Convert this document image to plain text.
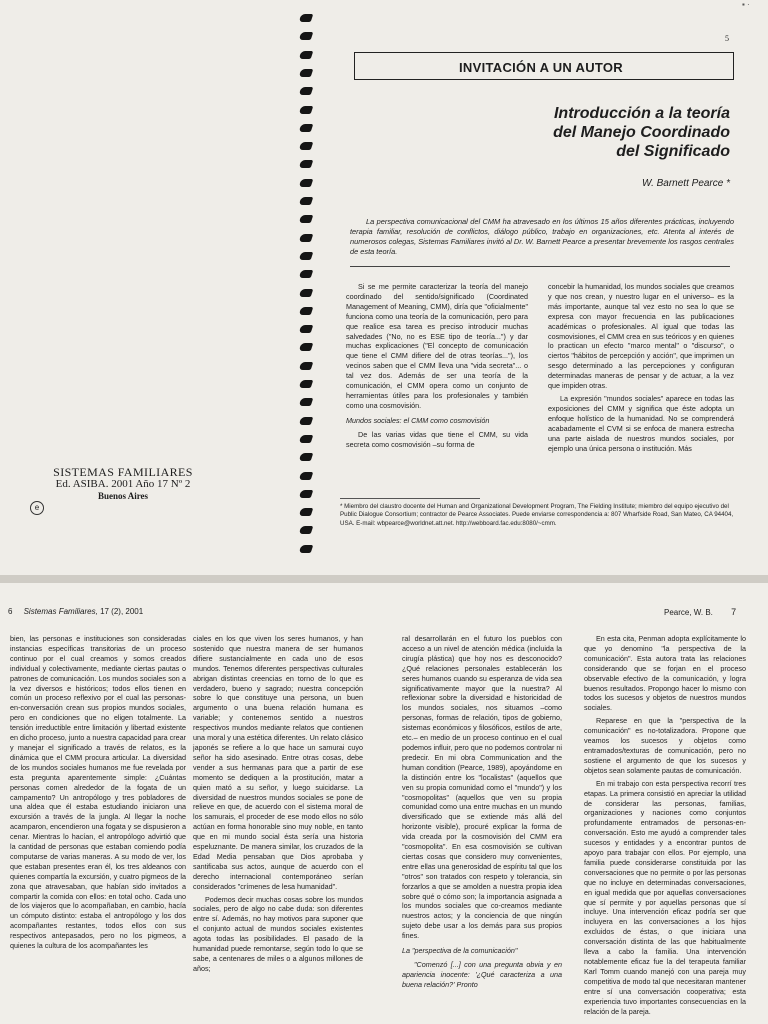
▪ ·
5
INVITACIÓN A UN AUTOR
Introducción a la teoría
del Manejo Coordinado
del Significado
W. Barnett Pearce *
La perspectiva comunicacional del CMM ha atravesado en los últimos 15 años diferentes prácticas, incluyendo terapia familiar, resolución de conflictos, diálogo público, trabajo en organizaciones, etc. Atenta al interés de numerosos colegas, Sistemas Familiares invitó al Dr. W. Barnett Pearce a presentar brevemente los rasgos centrales de esta teoría.

Si se me permite caracterizar la teoría del manejo coordinado del sentido/significado (Coordinated Management of Meaning, CMM), diría que "oficialmente" funciona como una teoría de la comunicación, pero para que realice esa tarea es preciso introducir muchas salvedades ("No, no es ESE tipo de teoría...") y dar muchas explicaciones ("El concepto de comunicación que tiene el CMM difiere del de otras teorías..."), los vecinos saben que el CMM lleva una "vida secreta"... o tal vez dos. Además de ser una teoría de la comunicación, el CMM opera como un conjunto de herramientas útiles para los profesionales y también como una cosmovisión.

Mundos sociales: el CMM como cosmovisión

De las varias vidas que tiene el CMM, su vida secreta como cosmovisión –su forma de

concebir la humanidad, los mundos sociales que creamos y que nos crean, y nuestro lugar en el universo– es la más importante, aunque tal vez esto no sea lo que se expresa con mayor frecuencia en las publicaciones académicas o profesionales. Al igual que todas las cosmovisiones, el CMM crea en sus teóricos y en quienes lo practican un efecto "marco mental" o "discurso", o ciertos "hábitos de percepción y acción", que imprimen un sesgo determinado a las percepciones y configuran determinadas maneras de pensar y de actuar, a la vez que impiden otras.

La expresión "mundos sociales" aparece en todas las exposiciones del CMM y significa que éste adopta un enfoque holístico de la humanidad. No se comprenderá acabadamente el CVM si se enfoca de manera estrecha una parte aislada de nuestros mundos sociales, por ejemplo una única persona o institución. Más

* Miembro del claustro docente del Human and Organizational Development Program, The Fielding Institute; miembro del equipo ejecutivo del Public Dialogue Consortium; contractor de Pearce Associates. Puede enviarse correspondencia a: 807 Wharfside Road, San Mateo, CA 94404, USA. E-mail: wbpearce@worldnet.att.net. http://webboard.fac.edu:8080/~cmm.
SISTEMAS FAMILIARES
Ed. ASIBA. 2001 Año 17 Nº 2
Buenos Aires
e
6 Sistemas Familiares, 17 (2), 2001	Pearce, W. B. 7

bien, las personas e instituciones son consideradas instancias específicas transitorias de un proceso continuo por el cual creamos y somos creados individual y colectivamente, mediante ciertas pautas o patrones de comunicación. Los mundos sociales son a la vez diversos e históricos; todos ellos tienen en común un proceso reflexivo por el cual las personas-en-conversación crean sus propios mundos sociales, pero en condiciones que no eligen totalmente. La tensión irreductible entre limitación y libertad existente en dicho proceso, junto a nuestra capacidad para crear y manejar el significado a través de relatos, es la dinámica que el CMM procura articular. La diversidad de los mundos sociales humanos me fue revelada por esta pregunta aparentemente simple: ¿Cuántas personas comen alrededor de la fogata de un campamento? Un antropólogo y tres pobladores de una aldea que él estaba estudiando iniciaron una excursión a través de la jungla. Al llegar la noche acamparon, encendieron una fogata y se dispusieron a cenar. Mientras lo hacían, el antropólogo advirtió que la cantidad de personas que estaban comiendo podía computarse de varias maneras. A su modo de ver, los que estaban presentes eran él, los tres aldeanos con quienes compartía la excursión, y cuatro pigmeos de la zona que atravesaban, que habían sido invitados a compartir la comida con ellos: en total ocho. Cada uno de los viajeros que lo acompañaban, en cambio, hacía un cómputo distinto: estaba el antropólogo y los dos acompañantes restantes, todos ellos con sus respectivos antepasados, pero no los pigmeos, a quienes la cultura de los acompañantes les

ciales en los que viven los seres humanos, y han sostenido que nuestra manera de ser humanos difiere sustancialmente en cada uno de esos mundos. Tenemos diferentes perspectivas culturales abrigan distintas creencias en torno de lo que es verdadero, bueno y sagrado; nuestra concepción sobre lo que constituye una persona, un buen argumento o una buena relación humana es variable; y contenemos sentido a nuestros respectivos mundos mediante relatos que contienen una moral y una estética diferentes. Un relato clásico japonés se refiere a lo que hace un samurai cuyo señor ha sido asesinado. Entre otras cosas, debe vender a sus hermanas para que a partir de ese momento se dediquen a la prostitución, matar a quien mató a su señor, y luego suicidarse. La diversidad de nuestros mundos sociales se pone de relieve en que, de acuerdo con el sistema moral de los samurais, el proceder de ese modo ellos no sólo actúan en forma honorable sino muy noble, en tanto que en mi mundo social ésta sería una historia espeluznante. De manera similar, los cruzados de la Edad Media pensaban que Dios aprobaba y santificaba sus actos, aunque de acuerdo con el derecho internacional contemporáneo serían considerados "crímenes de lesa humanidad".

Podemos decir muchas cosas sobre los mundos sociales, pero de algo no cabe duda: son diferentes entre sí. Además, no hay motivos para suponer que el conjunto actual de mundos sociales existentes agota todas las posibilidades. El pasado de la humanidad puede remontarse, según todo lo que se sabe, a centenares de miles o a algunos millones de años;

ral desarrollarán en el futuro los pueblos con acceso a un nivel de atención médica (incluida la cirugía plástica) que hoy nos es desconocido? ¿Qué relaciones personales establecerán los seres humanos cuando su esperanza de vida sea significativamente mayor que la nuestra? Al reflexionar sobre la diversidad e historicidad de los mundos sociales, nos situamos –como personas, formas de relación, tipos de gobierno, sistemas económicos y filosóficos, estilos de arte, etc.– en medio de un proceso continuo en el cual podemos influir, pero que no podemos controlar ni predecir. En mi obra Communication and the human condition (Pearce, 1989), apoyándome en la distinción entre los "localistas" (aquellos que ven su propia comunidad como el "mundo") y los "cosmopolitas" (aquellos que ven su propia comunidad como una entre muchas en un mundo diversificado que se extiende más allá del horizonte visible), procuré explicar la forma de vida creada por la cosmovisión del CMM era "cosmopolita". En esa cosmovisión se cultivan ciertas cosas que considero muy convenientes, entre ellas una generosidad de espíritu tal que los "otros" son tratados con respeto y tolerancia, sin forzarlos a que se amolden a nuestra propia idea sobre qué o cómo son; la importancia asignada a los mundos sociales que co-creamos mediante nuestros actos; y la conciencia de que ningún sujeto debe usar a los demás para sus propios fines.

La "perspectiva de la comunicación"

"Comenzó [...] con una pregunta obvia y en apariencia inocente: '¿Qué caracteriza a una buena relación?' Pronto

En esta cita, Penman adopta explícitamente lo que yo denomino "la perspectiva de la comunicación". Esta autora trata las relaciones considerando que se forjan en el proceso observable efectivo de la comunicación, y logra buenos resultados. Propongo hacer lo mismo con todos los sucesos y objetos de nuestros mundos sociales.

Reparese en que la "perspectiva de la comunicación" es no-totalizadora. Propone que veamos los sucesos y objetos como entramados/texturas de comunicación, pero no sostiene el argumento de que los sucesos y objetos sean solamente pautas de comunicación.

En mi trabajo con esta perspectiva recorrí tres etapas. La primera consistió en apreciar la utilidad de considerar las personas, familias, organizaciones y naciones como conjuntos profundamente entramados de personas-en-conversación. Esto me ayudó a comprender tales sucesos y entidades y a encontrar puntos de apoyo para trabajar con ellos. Por ejemplo, una familia puede considerarse constituida por las conversaciones que no permite o por las personas que no incluye en determinadas conversaciones, en igual medida que por aquellas conversaciones que sí permite y por aquellas personas que sí incluye. Una intervención eficaz podría ser que incluyera en las conversaciones a los hijos excluidos de éstas, o que iniciara una conversación distinta de las que habitualmente lleva a cabo la familia. Una intervención notablemente eficaz fue la del terapeuta familiar Karl Tomm cuando manejó con una pareja muy competitiva de modo tal que necesitaran mantener entre sí una conversación cooperativa; esta experiencia tuvo importantes consecuencias en la relación de la pareja.
